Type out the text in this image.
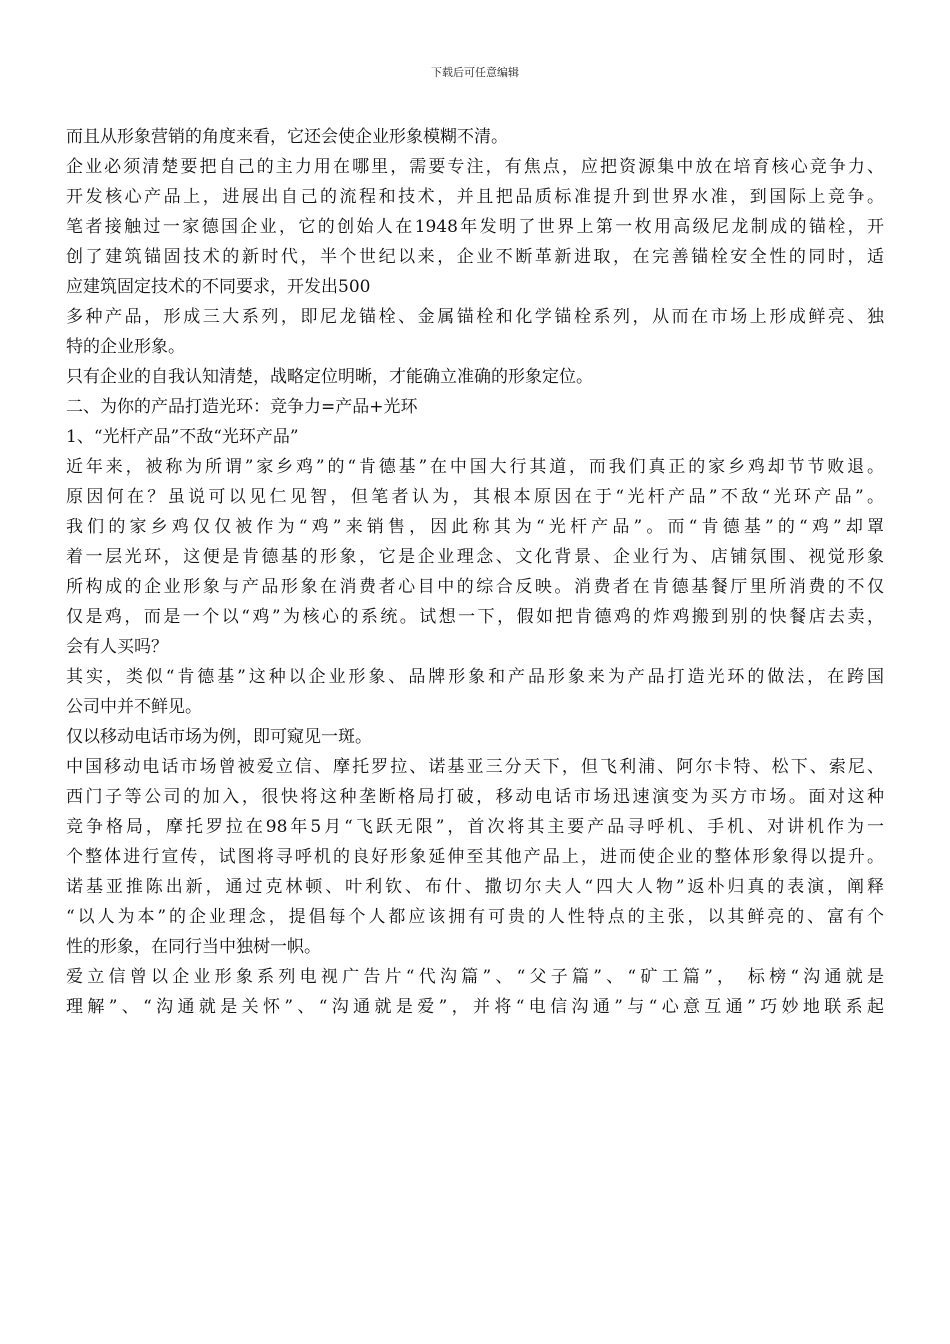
下载后可任意编辑
而且从形象营销的角度来看，它还会使企业形象模糊不清。
企业必须清楚要把自己的主力用在哪里，需要专注，有焦点，应把资源集中放在培育核心竞争力、
开发核心产品上，进展出自己的流程和技术，并且把品质标准提升到世界水准，到国际上竞争。
笔者接触过一家德国企业，它的创始人在1948年发明了世界上第一枚用高级尼龙制成的锚栓，开
创了建筑锚固技术的新时代，半个世纪以来，企业不断革新进取，在完善锚栓安全性的同时，适
应建筑固定技术的不同要求，开发出500
多种产品，形成三大系列，即尼龙锚栓、金属锚栓和化学锚栓系列，从而在市场上形成鲜亮、独
特的企业形象。
只有企业的自我认知清楚，战略定位明晰，才能确立准确的形象定位。
二、为你的产品打造光环：竞争力=产品+光环
1、“光杆产品”不敌“光环产品”
近年来，被称为所谓”家乡鸡”的“肯德基”在中国大行其道，而我们真正的家乡鸡却节节败退。
原因何在？虽说可以见仁见智，但笔者认为，其根本原因在于“光杆产品”不敌“光环产品”。
我们的家乡鸡仅仅被作为“鸡”来销售，因此称其为“光杆产品”。而“肯德基”的“鸡”却罩
着一层光环，这便是肯德基的形象，它是企业理念、文化背景、企业行为、店铺氛围、视觉形象
所构成的企业形象与产品形象在消费者心目中的综合反映。消费者在肯德基餐厅里所消费的不仅
仅是鸡，而是一个以“鸡”为核心的系统。试想一下，假如把肯德鸡的炸鸡搬到别的快餐店去卖，
会有人买吗？
其实，类似“肯德基”这种以企业形象、品牌形象和产品形象来为产品打造光环的做法，在跨国
公司中并不鲜见。
仅以移动电话市场为例，即可窥见一斑。
中国移动电话市场曾被爱立信、摩托罗拉、诺基亚三分天下，但飞利浦、阿尔卡特、松下、索尼、
西门子等公司的加入，很快将这种垄断格局打破，移动电话市场迅速演变为买方市场。面对这种
竞争格局，摩托罗拉在98年5月“飞跃无限”，首次将其主要产品寻呼机、手机、对讲机作为一
个整体进行宣传，试图将寻呼机的良好形象延伸至其他产品上，进而使企业的整体形象得以提升。
诺基亚推陈出新，通过克林顿、叶利钦、布什、撒切尔夫人“四大人物”返朴归真的表演，阐释
“以人为本”的企业理念，提倡每个人都应该拥有可贵的人性特点的主张，以其鲜亮的、富有个
性的形象，在同行当中独树一帜。
爱立信曾以企业形象系列电视广告片“代沟篇”、“父子篇”、“矿工篇”， 标榜“沟通就是
理解”、“沟通就是关怀”、“沟通就是爱”，并将“电信沟通”与“心意互通”巧妙地联系起
